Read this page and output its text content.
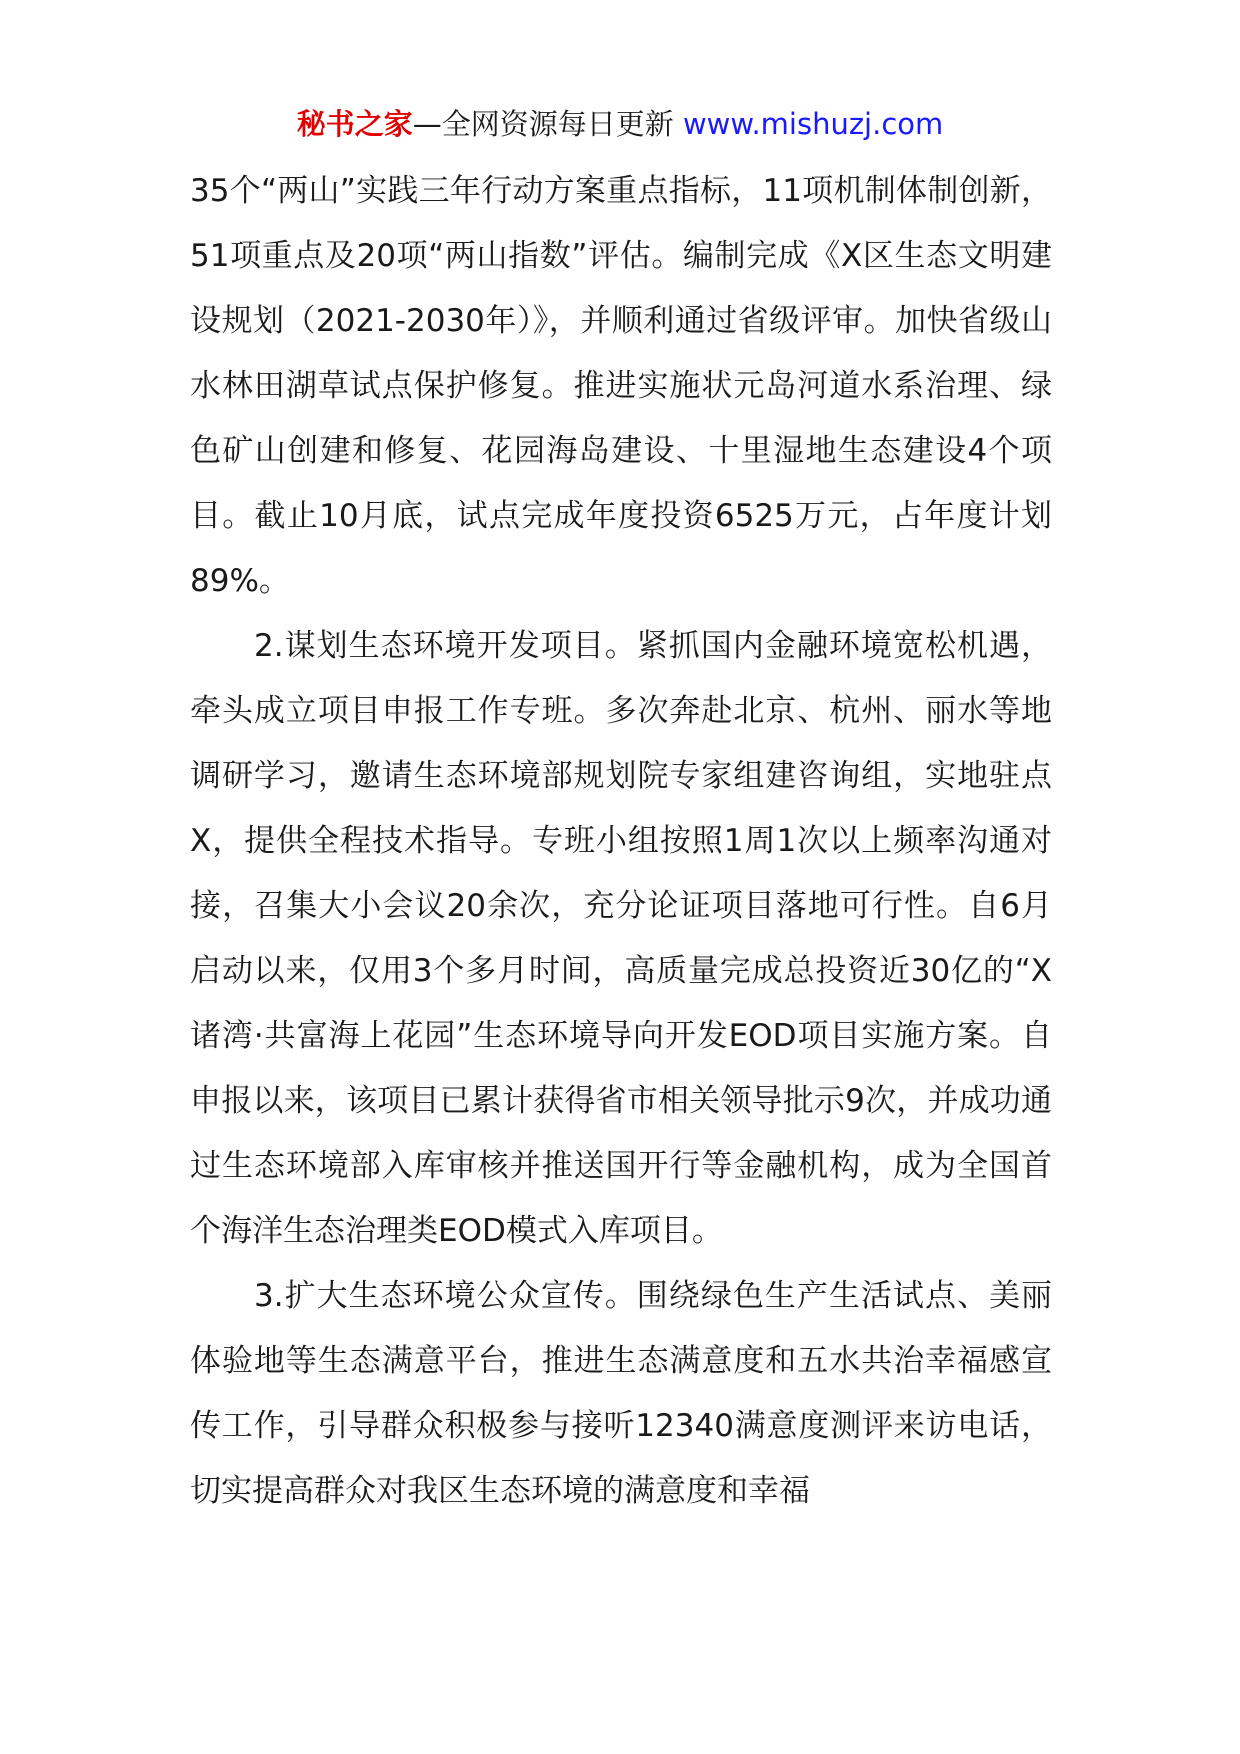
秘书之家—全网资源每日更新 www.mishuzj.com

35个“两山”实践三年行动方案重点指标，11项机制体制创新，51项重点及20项“两山指数”评估。编制完成《X区生态文明建设规划（2021-2030年）》，并顺利通过省级评审。加快省级山水林田湖草试点保护修复。推进实施状元岛河道水系治理、绿色矿山创建和修复、花园海岛建设、十里湿地生态建设4个项目。截止10月底，试点完成年度投资6525万元，占年度计划89%。

2.谋划生态环境开发项目。紧抓国内金融环境宽松机遇，牵头成立项目申报工作专班。多次奔赴北京、杭州、丽水等地调研学习，邀请生态环境部规划院专家组建咨询组，实地驻点X，提供全程技术指导。专班小组按照1周1次以上频率沟通对接，召集大小会议20余次，充分论证项目落地可行性。自6月启动以来，仅用3个多月时间，高质量完成总投资近30亿的“X诸湾·共富海上花园”生态环境导向开发EOD项目实施方案。自申报以来，该项目已累计获得省市相关领导批示9次，并成功通过生态环境部入库审核并推送国开行等金融机构，成为全国首个海洋生态治理类EOD模式入库项目。

3.扩大生态环境公众宣传。围绕绿色生产生活试点、美丽体验地等生态满意平台，推进生态满意度和五水共治幸福感宣传工作，引导群众积极参与接听12340满意度测评来访电话，切实提高群众对我区生态环境的满意度和幸福
